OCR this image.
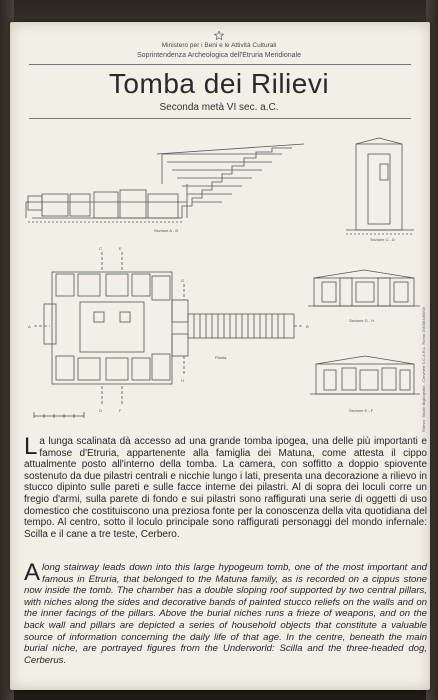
Ministero per i Beni e le Attività Culturali
Soprintendenza Archeologica dell'Etruria Meridionale
Tomba dei Rilievi
Seconda metà VI sec. a.C.
Sezione A - B
Sezione C - D
Sezione G - H
Sezione E - F
Pianta
A	B
C
D
E
F
G
H	Rilievo: Studio Bigliografia - Cerveteri S.C.A.R.L. Roma 1983/84/85/98
La lunga scalinata dà accesso ad una grande tomba ipogea, una delle più importanti e famose d'Etruria, appartenente alla famiglia dei Matuna, come attesta il cippo attualmente posto all'interno della tomba. La camera, con soffitto a doppio spiovente sostenuto da due pilastri centrali e nicchie lungo i lati, presenta una decorazione a rilievo in stucco dipinto sulle pareti e sulle facce interne dei pilastri. Al di sopra dei loculi corre un fregio d'armi, sulla parete di fondo e sui pilastri sono raffigurati una serie di oggetti di uso domestico che costituiscono una preziosa fonte per la conoscenza della vita quotidiana del tempo. Al centro, sotto il loculo principale sono raffigurati personaggi del mondo infernale: Scilla e il cane a tre teste, Cerbero.
Along stairway leads down into this large hypogeum tomb, one of the most important and famous in Etruria, that belonged to the Matuna family, as is recorded on a cippus stone now inside the tomb. The chamber has a double sloping roof supported by two central pillars, with niches along the sides and decorative bands of painted stucco reliefs on the walls and on the inner facings of the pillars. Above the burial niches runs a frieze of weapons, and on the back wall and pillars are depicted a series of household objects that constitute a valuable source of information concerning the daily life of that age. In the centre, beneath the main burial niche, are portrayed figures from the Underworld: Scilla and the three-headed dog, Cerberus.
